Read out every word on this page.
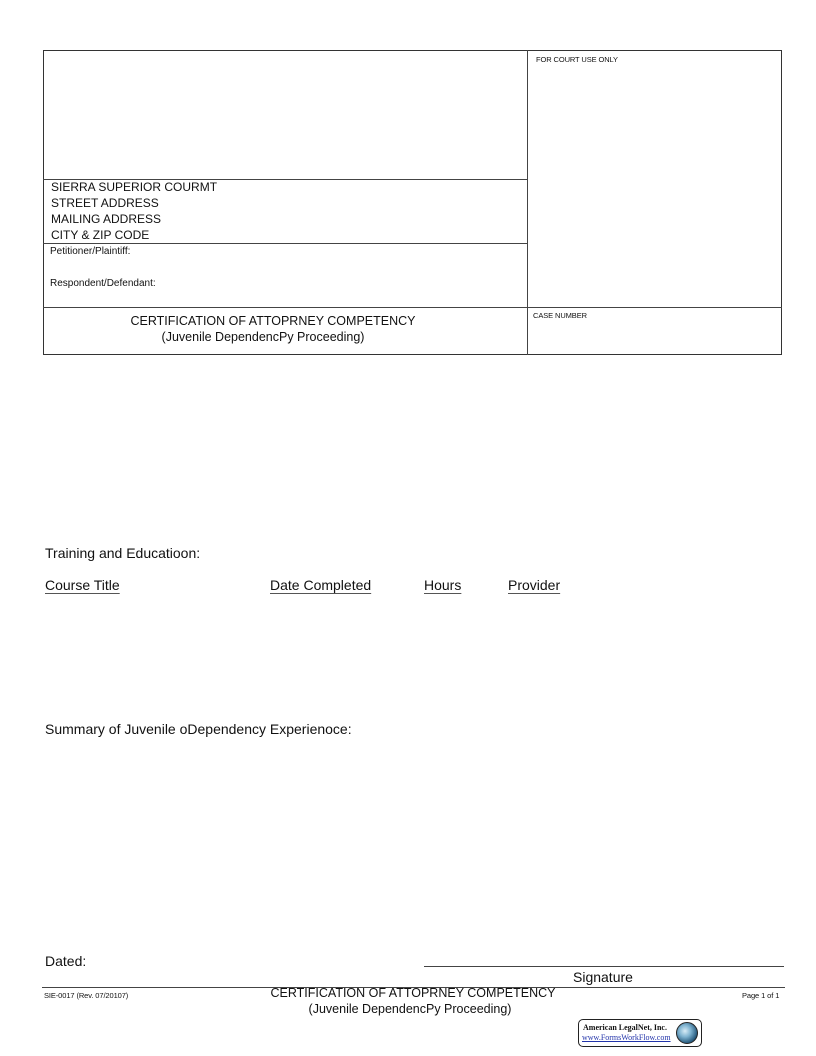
FOR COURT USE ONLY
SIERRA SUPERIOR COURMT
STREET ADDRESS
MAILING ADDRESS
CITY & ZIP CODE
Petitioner/Plaintiff:
Respondent/Defendant:
CERTIFICATION OF ATTOPRNEY COMPETENCY
(Juvenile DependencPy Proceeding)
CASE NUMBER
Training and Educatioon:
Course Title	Date Completed	Hours	Provider
Summary of Juvenile oDependency Experienoce:
Dated:
Signature
SIE-0017 (Rev. 07/20107)	CERTIFICATION OF ATTOPRNEY COMPETENCY
(Juvenile DependencPy Proceeding)
Page 1 of 1
American LegalNet, Inc.
www.FormsWorkFlow.com
